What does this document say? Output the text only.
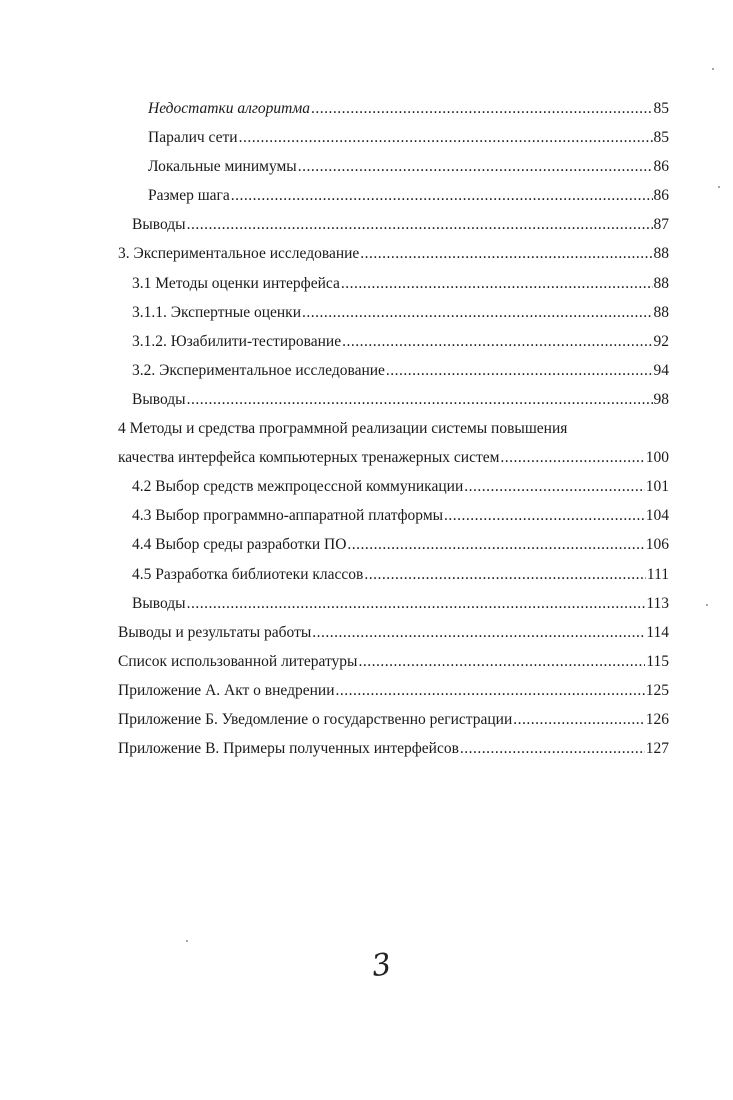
Недостатки алгоритма .....	85
Паралич сети .....	85
Локальные минимумы .....	86
Размер шага .....	86
Выводы .....	87
3. Экспериментальное исследование .....	88
3.1 Методы оценки интерфейса .....	88
3.1.1. Экспертные оценки .....	88
3.1.2. Юзабилити-тестирование .....	92
3.2. Экспериментальное исследование .....	94
Выводы .....	98
4 Методы и средства программной реализации системы повышения
качества интерфейса компьютерных тренажерных систем .....	100
4.2 Выбор средств межпроцессной коммуникации .....	101
4.3 Выбор программно-аппаратной платформы .....	104
4.4 Выбор среды разработки ПО .....	106
4.5 Разработка библиотеки классов .....	111
Выводы .....	113
Выводы и результаты работы .....	114
Список использованной литературы .....	115
Приложение А. Акт о внедрении .....	125
Приложение Б. Уведомление о государственно регистрации .....	126
Приложение В. Примеры полученных интерфейсов .....	127
3
